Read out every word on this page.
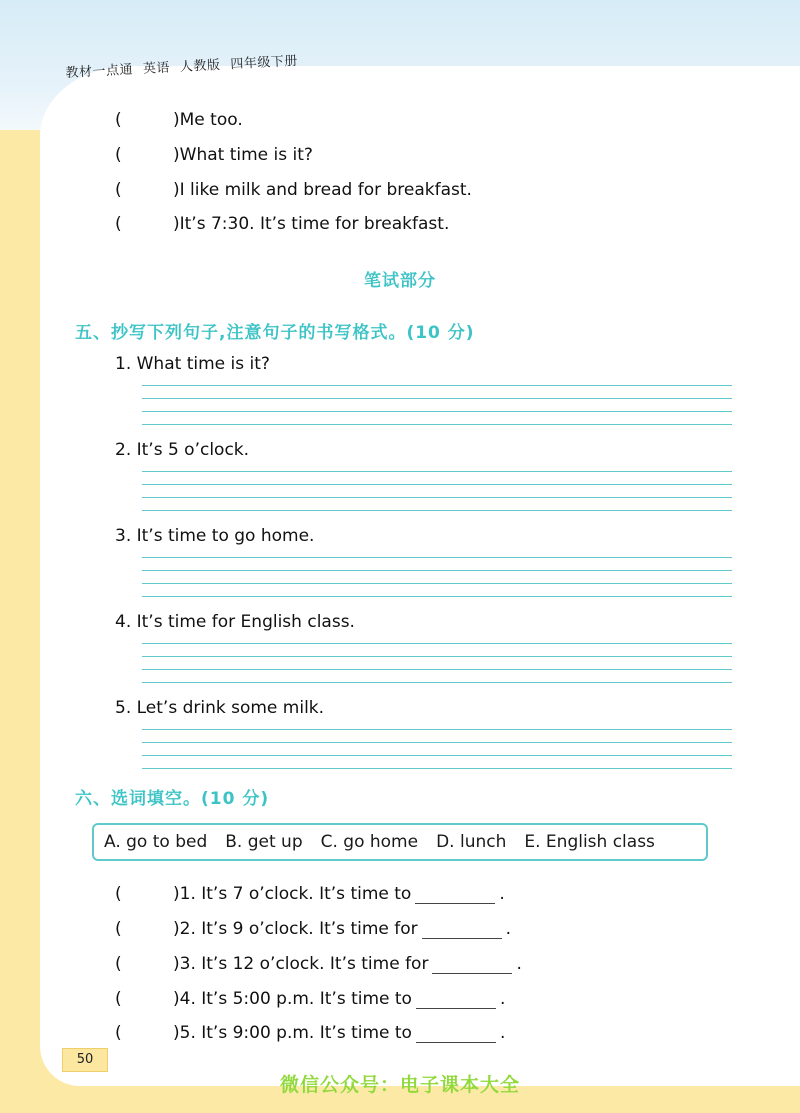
教材一点通 英语 人教版 四年级下册
(	)Me too.
(	)What time is it?
(	)I like milk and bread for breakfast.
(	)It’s 7:30. It’s time for breakfast.
笔试部分
五、抄写下列句子,注意句子的书写格式。(10 分)
1. What time is it?
2. It’s 5 o’clock.
3. It’s time to go home.
4. It’s time for English class.
5. Let’s drink some milk.
六、选词填空。(10 分)
A. go to bed B. get up C. go home D. lunch E. English class
(	)1. It’s 7 o’clock. It’s time to	.
(	)2. It’s 9 o’clock. It’s time for	.
(	)3. It’s 12 o’clock. It’s time for	.
(	)4. It’s 5:00 p.m. It’s time to	.
(	)5. It’s 9:00 p.m. It’s time to	.
50
微信公众号：电子课本大全
